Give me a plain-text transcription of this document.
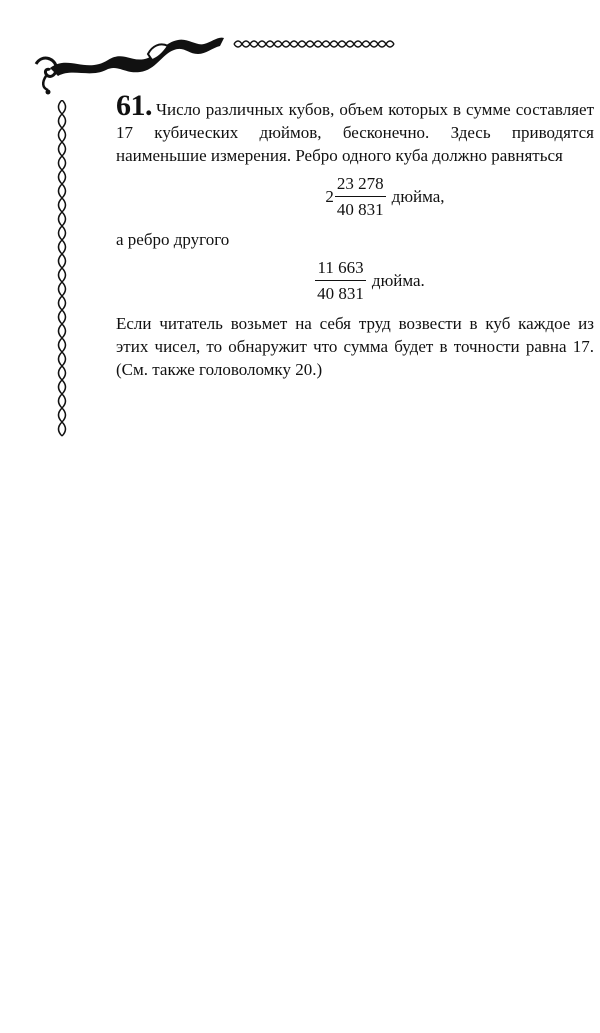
61. Число различных кубов, объем которых в сумме составляет 17 кубических дюймов, бесконечно. Здесь приводятся наименьшие измерения. Ребро одного куба должно равняться

$2 \frac{23 278}{40 831}$ дюйма,

а ребро другого

$\frac{11 663}{40 831}$ дюйма.

Если читатель возьмет на себя труд возвести в куб каждое из этих чисел, то обнаружит что сумма будет в точности равна 17. (См. также головоломку 20.)
